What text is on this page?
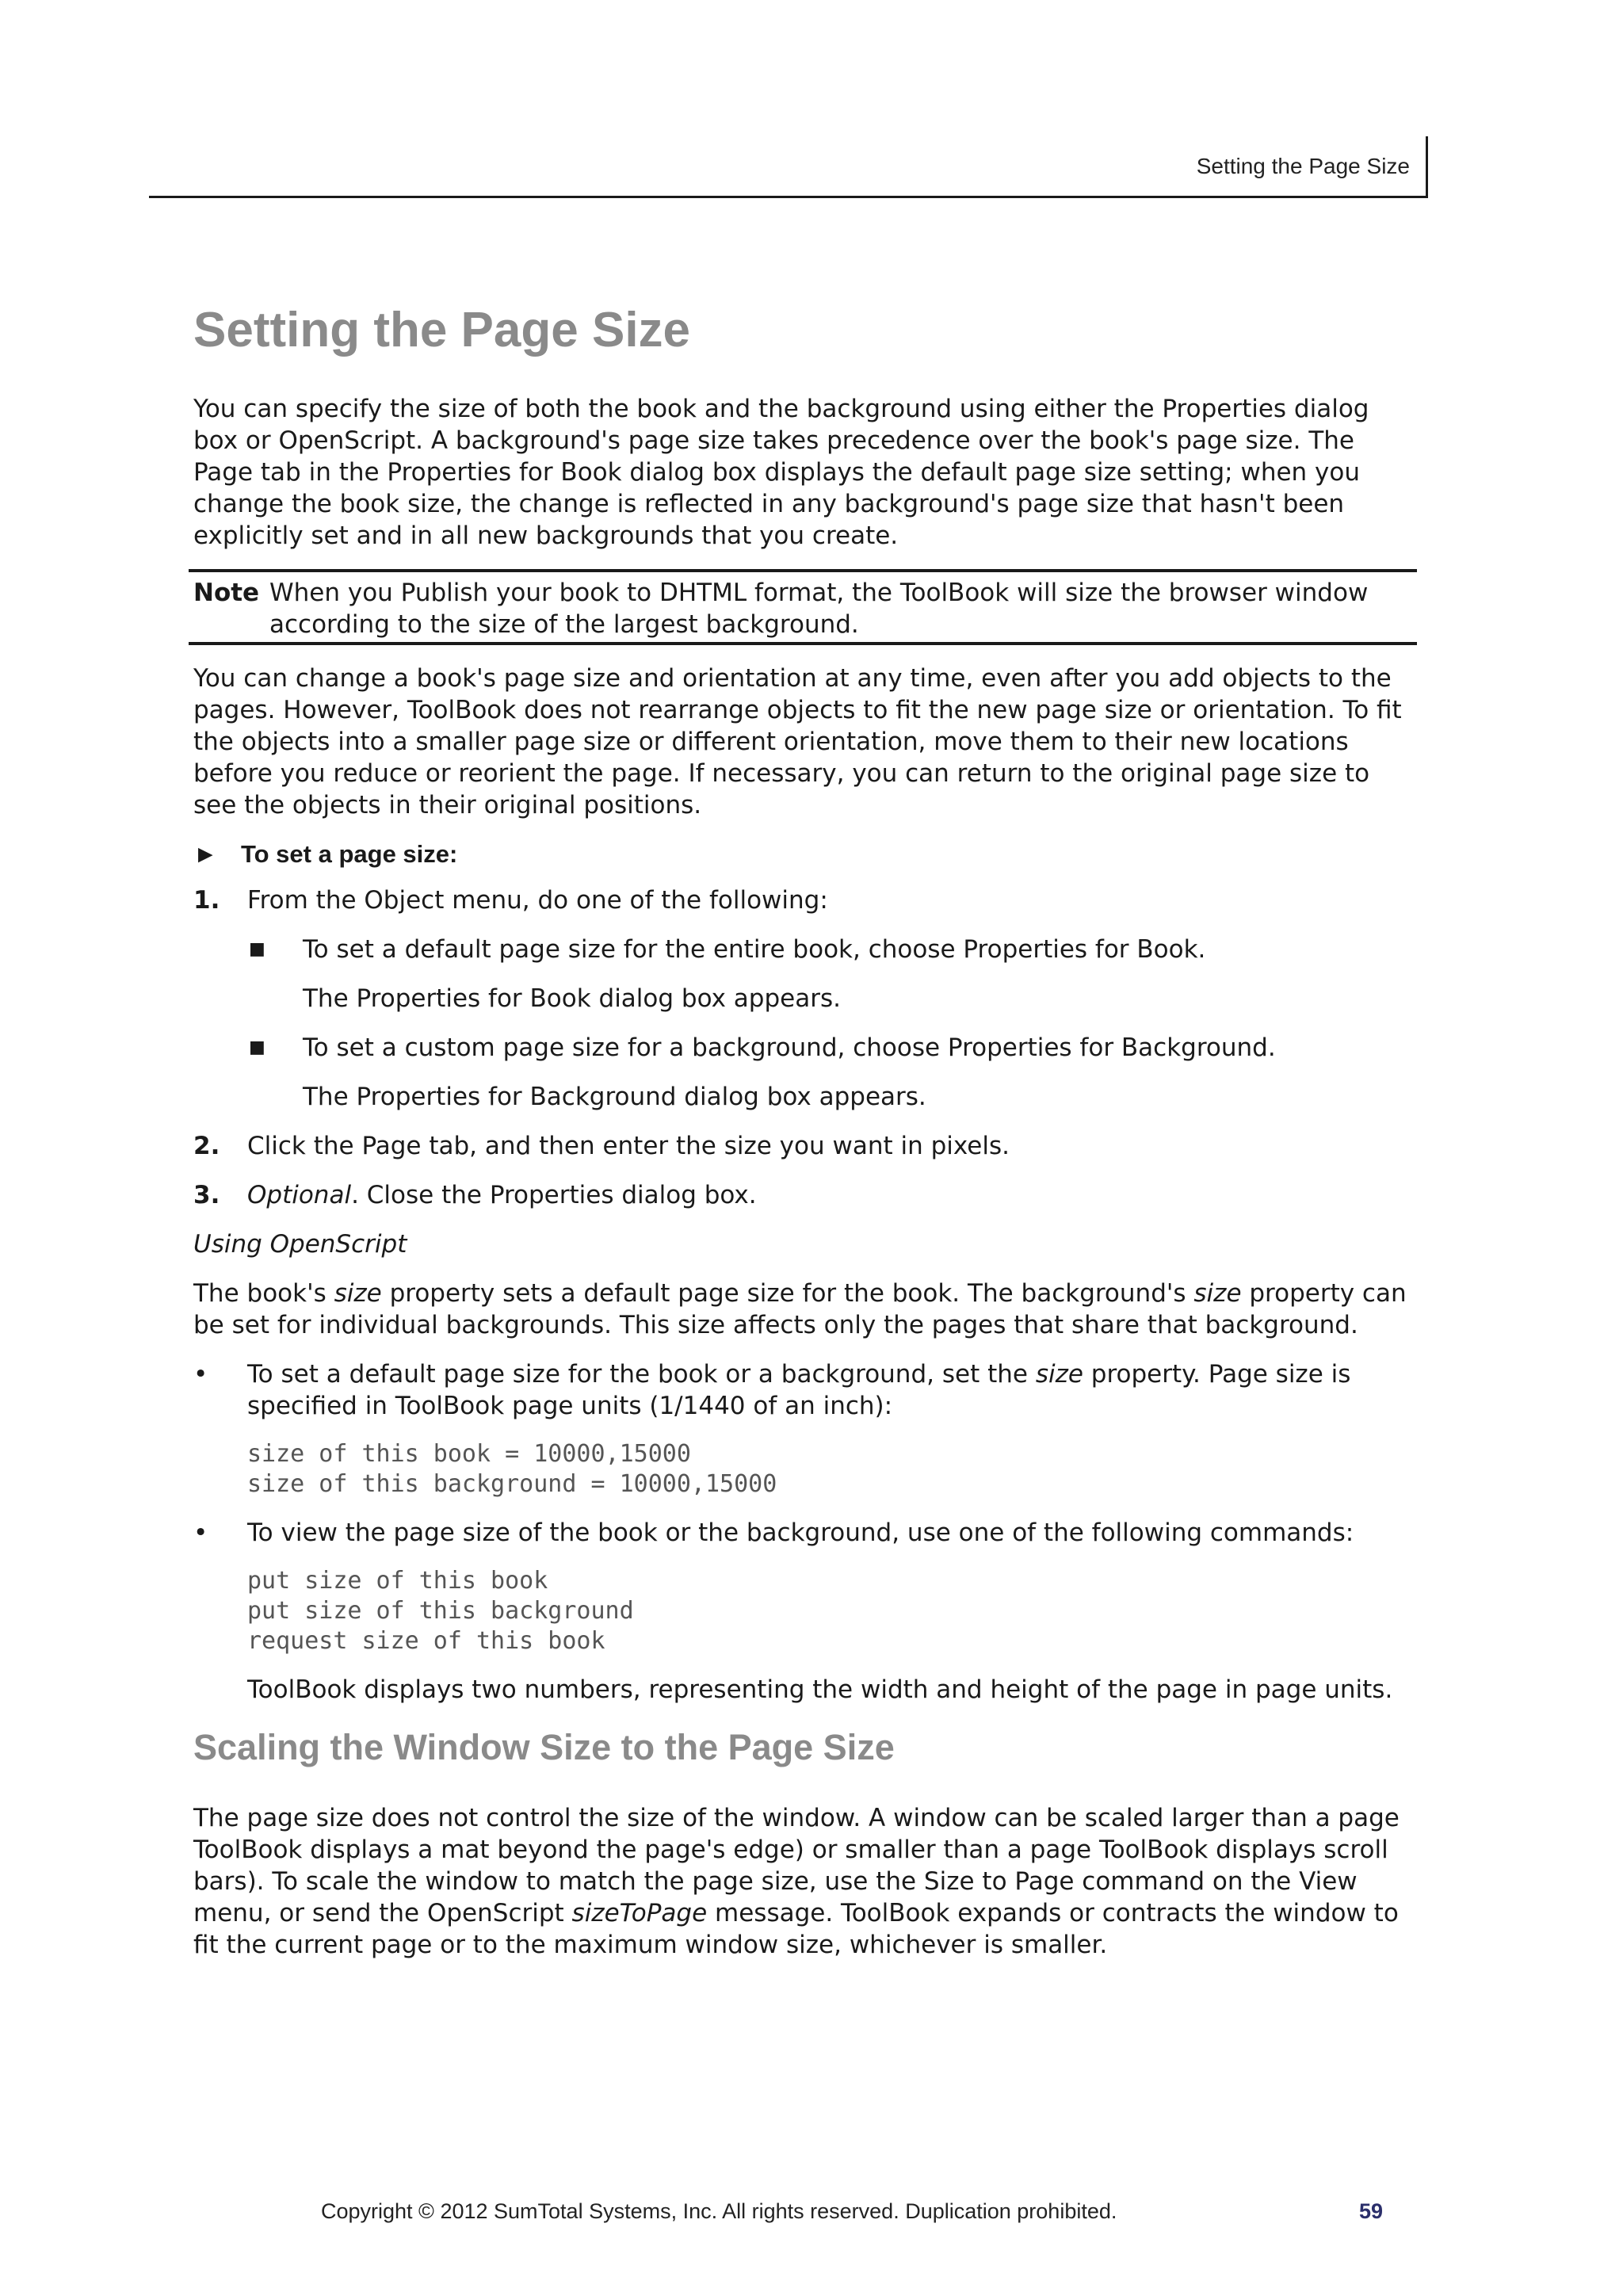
Setting the Page Size
Setting the Page Size

You can specify the size of both the book and the background using either the Properties dialog box or OpenScript. A background's page size takes precedence over the book's page size. The Page tab in the Properties for Book dialog box displays the default page size setting; when you change the book size, the change is reflected in any background's page size that hasn't been explicitly set and in all new backgrounds that you create.

Note When you Publish your book to DHTML format, the ToolBook will size the browser window according to the size of the largest background.

You can change a book's page size and orientation at any time, even after you add objects to the pages. However, ToolBook does not rearrange objects to fit the new page size or orientation. To fit the objects into a smaller page size or different orientation, move them to their new locations before you reduce or reorient the page. If necessary, you can return to the original page size to see the objects in their original positions.

► To set a page size:
1.	From the Object menu, do one of the following:
■	To set a default page size for the entire book, choose Properties for Book.
The Properties for Book dialog box appears.
■	To set a custom page size for a background, choose Properties for Background.
The Properties for Background dialog box appears.
2.	Click the Page tab, and then enter the size you want in pixels.
3.	Optional. Close the Properties dialog box.
Using OpenScript

The book's size property sets a default page size for the book. The background's size property can be set for individual backgrounds. This size affects only the pages that share that background.

•	To set a default page size for the book or a background, set the size property. Page size is specified in ToolBook page units (1/1440 of an inch):
size of this book = 10000,15000
size of this background = 10000,15000
•	To view the page size of the book or the background, use one of the following commands:
put size of this book
put size of this background
request size of this book

ToolBook displays two numbers, representing the width and height of the page in page units.

Scaling the Window Size to the Page Size

The page size does not control the size of the window. A window can be scaled larger than a page ToolBook displays a mat beyond the page's edge) or smaller than a page ToolBook displays scroll bars). To scale the window to match the page size, use the Size to Page command on the View menu, or send the OpenScript sizeToPage message. ToolBook expands or contracts the window to fit the current page or to the maximum window size, whichever is smaller.

Copyright © 2012 SumTotal Systems, Inc. All rights reserved. Duplication prohibited.	59
